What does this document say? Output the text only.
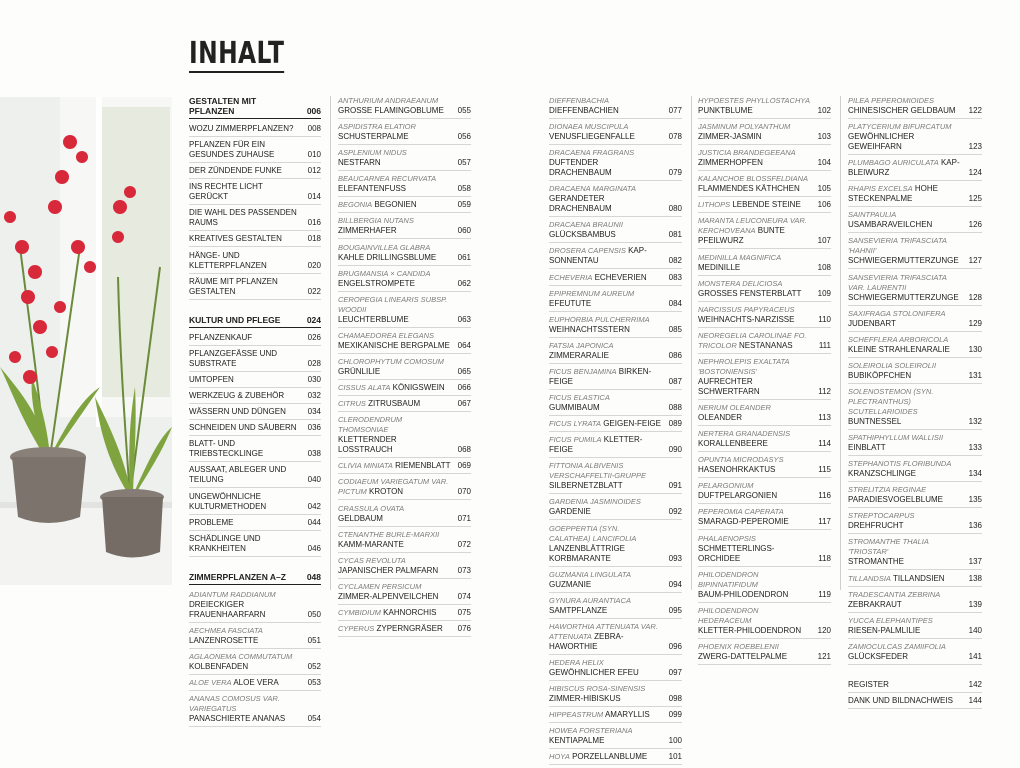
INHALT
GESTALTEN MIT PFLANZEN	006
WOZU ZIMMERPFLANZEN? 008
PFLANZEN FÜR EIN GESUNDES ZUHAUSE	010
DER ZÜNDENDE FUNKE	012
INS RECHTE LICHT GERÜCKT	014
DIE WAHL DES PASSENDEN RAUMS	016
KREATIVES GESTALTEN	018
HÄNGE- UND KLETTERPFLANZEN	020
RÄUME MIT PFLANZEN GESTALTEN	022
KULTUR UND PFLEGE	024
PFLANZENKAUF	026
PFLANZGEFÄSSE UND SUBSTRATE	028
UMTOPFEN	030
WERKZEUG & ZUBEHÖR	032
WÄSSERN UND DÜNGEN	034
SCHNEIDEN UND SÄUBERN 036
BLATT- UND TRIEBSTECKLINGE	038
AUSSAAT, ABLEGER UND TEILUNG	040
UNGEWÖHNLICHE KULTURMETHODEN	042
PROBLEME	044
SCHÄDLINGE UND KRANKHEITEN	046
ZIMMERPFLANZEN A–Z 048
ADIANTUM RADDIANUM
DREIECKIGER FRAUENHAARFARN	050
AECHMEA FASCIATA LANZENROSETTE	051
AGLAONEMA COMMUTATUM
KOLBENFADEN	052
ALOE VERA ALOE VERA	053
ANANAS COMOSUS VAR. VARIEGATUS
PANASCHIERTE ANANAS	054
ANTHURIUM ANDRAEANUM
GROSSE FLAMINGOBLUME 055
ASPIDISTRA ELATIOR
SCHUSTERPALME	056
ASPLENIUM NIDUS NESTFARN	057
BEAUCARNEA RECURVATA
ELEFANTENFUSS	058
BEGONIA BEGONIEN	059
BILLBERGIA NUTANS ZIMMERHAFER	060
BOUGAINVILLEA GLABRA
KAHLE DRILLINGSBLUME	061
BRUGMANSIA × CANDIDA
ENGELSTROMPETE	062
CEROPEGIA LINEARIS SUBSP. WOODII
LEUCHTERBLUME	063
CHAMAEDOREA ELEGANS
MEXIKANISCHE BERGPALME 064
CHLOROPHYTUM COMOSUM
GRÜNLILIE	065
CISSUS ALATA KÖNIGSWEIN 066
CITRUS ZITRUSBAUM	067
CLERODENDRUM THOMSONIAE
KLETTERNDER LOSSTRAUCH	068
CLIVIA MINIATA RIEMENBLATT 069
CODIAEUM VARIEGATUM VAR. PICTUM KROTON	070
CRASSULA OVATA GELDBAUM	071
CTENANTHE BURLE-MARXII
KAMM-MARANTE	072
CYCAS REVOLUTA
JAPANISCHER PALMFARN 073
CYCLAMEN PERSICUM
ZIMMER-ALPENVEILCHEN 074
CYMBIDIUM KAHNORCHIS	075
CYPERUS ZYPERNGRÄSER 076
DIEFFENBACHIA DIEFFENBACHIEN	077
DIONAEA MUSCIPULA
VENUSFLIEGENFALLE	078
DRACAENA FRAGRANS
DUFTENDER DRACHENBAUM	079
DRACAENA MARGINATA
GERANDETER DRACHENBAUM	080
DRACAENA BRAUNII GLÜCKSBAMBUS	081
DROSERA CAPENSIS KAP-SONNENTAU	082
ECHEVERIA ECHEVERIEN	083
EPIPREMNUM AUREUM EFEUTUTE	084
EUPHORBIA PULCHERRIMA
WEIHNACHTSSTERN	085
FATSIA JAPONICA ZIMMERARALIE	086
FICUS BENJAMINA BIRKEN-FEIGE	087
FICUS ELASTICA GUMMIBAUM	088
FICUS LYRATA GEIGEN-FEIGE 089
FICUS PUMILA KLETTER-FEIGE	090
FITTONIA ALBIVENIS VERSCHAFFELTII-GRUPPE SILBERNETZBLATT	091
GARDENIA JASMINOIDES GARDENIE	092
GOEPPERTIA (SYN. CALATHEA) LANCIFOLIA LANZENBLÄTTRIGE KORBMARANTE	093
GUZMANIA LINGULATA GUZMANIE	094
GYNURA AURANTIACA SAMTPFLANZE	095
HAWORTHIA ATTENUATA VAR. ATTENUATA ZEBRA-HAWORTHIE	096
HEDERA HELIX GEWÖHNLICHER EFEU	097
HIBISCUS ROSA-SINENSIS
ZIMMER-HIBISKUS	098
HIPPEASTRUM AMARYLLIS 099
HOWEA FORSTERIANA KENTIAPALME	100
HOYA PORZELLANBLUME	101
HYPOESTES PHYLLOSTACHYA
PUNKTBLUME	102
JASMINUM POLYANTHUM
ZIMMER-JASMIN	103
JUSTICIA BRANDEGEEANA
ZIMMERHOPFEN	104
KALANCHOE BLOSSFELDIANA
FLAMMENDES KÄTHCHEN 105
LITHOPS LEBENDE STEINE 106
MARANTA LEUCONEURA VAR. KERCHOVEANA BUNTE PFEILWURZ	107
MEDINILLA MAGNIFICA MEDINILLE	108
MONSTERA DELICIOSA
GROSSES FENSTERBLATT 109
NARCISSUS PAPYRACEUS
WEIHNACHTS-NARZISSE	110
NEOREGELIA CAROLINAE FO. TRICOLOR NESTANANAS	111
NEPHROLEPIS EXALTATA 'BOSTONIENSIS' AUFRECHTER SCHWERTFARN	112
NERIUM OLEANDER OLEANDER	113
NERTERA GRANADENSIS
KORALLENBEERE	114
OPUNTIA MICRODASYS
HASENOHRKAKTUS	115
PELARGONIUM DUFTPELARGONIEN	116
PEPEROMIA CAPERATA
SMARAGD-PEPEROMIE	117
PHALAENOPSIS
SCHMETTERLINGS-ORCHIDEE	118
PHILODENDRON BIPINNATIFIDUM
BAUM-PHILODENDRON	119
PHILODENDRON HEDERACEUM
KLETTER-PHILODENDRON 120
PHOENIX ROEBELENII
ZWERG-DATTELPALME	121
PILEA PEPEROMIOIDES
CHINESISCHER GELDBAUM 122
PLATYCERIUM BIFURCATUM
GEWÖHNLICHER GEWEIHFARN	123
PLUMBAGO AURICULATA KAP-BLEIWURZ	124
RHAPIS EXCELSA HOHE STECKENPALME	125
SAINTPAULIA USAMBARAVEILCHEN	126
SANSEVIERIA TRIFASCIATA 'HAHNII'
SCHWIEGERMUTTERZUNGE 127
SANSEVIERIA TRIFASCIATA VAR. LAURENTII SCHWIEGERMUTTERZUNGE 128
SAXIFRAGA STOLONIFERA JUDENBART	129
SCHEFFLERA ARBORICOLA
KLEINE STRAHLENARALIE 130
SOLEIROLIA SOLEIROLII
BUBIKÖPFCHEN	131
SOLENOSTEMON (SYN. PLECTRANTHUS) SCUTELLARIOIDES BUNTNESSEL	132
SPATHIPHYLLUM WALLISII EINBLATT	133
STEPHANOTIS FLORIBUNDA
KRANZSCHLINGE	134
STRELITZIA REGINAE
PARADIESVOGELBLUME	135
STREPTOCARPUS DREHFRUCHT	136
STROMANTHE THALIA 'TRIOSTAR'
STROMANTHE	137
TILLANDSIA TILLANDSIEN	138
TRADESCANTIA ZEBRINA ZEBRAKRAUT	139
YUCCA ELEPHANTIPES
RIESEN-PALMLILIE	140
ZAMIOCULCAS ZAMIIFOLIA
GLÜCKSFEDER	141
REGISTER	142
DANK UND BILDNACHWEIS 144
